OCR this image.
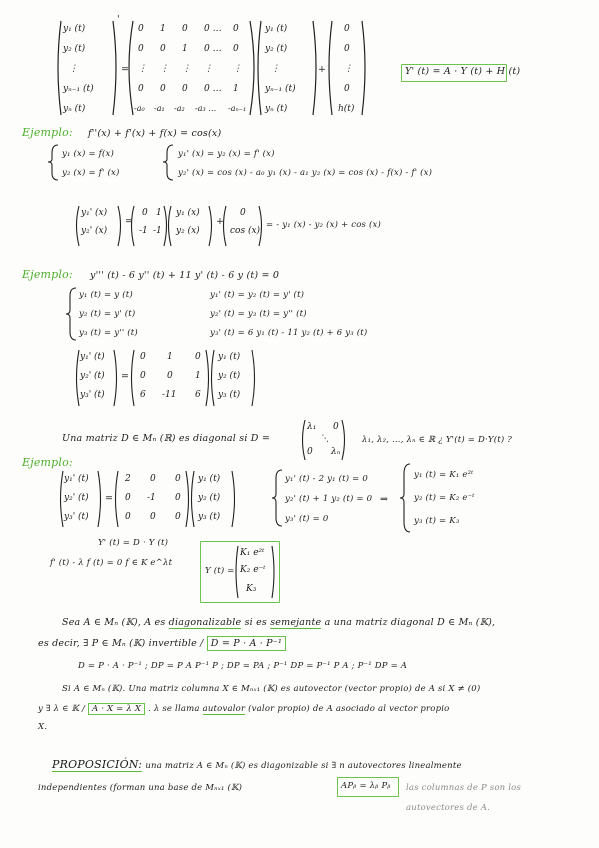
y₁ (t)
y₂ (t)
⋮
yₙ₋₁ (t)
yₙ (t)
'
=
0 1 0 0 … 0
0 0 1 0 … 0
⋮ ⋮ ⋮ ⋮ ⋮
0 0 0 0 … 1
-a₀ -a₁ -a₂ -a₃ … -aₙ₋₁
y₁ (t)
y₂ (t)
⋮
yₙ₋₁ (t)
yₙ (t)
+
0
0
⋮
0
h(t)
Y' (t) = A · Y (t) + H (t)
Ejemplo: f''(x) + f'(x) + f(x) = cos(x)
y₁ (x) = f(x)
y₂ (x) = f' (x)
y₁' (x) = y₂ (x) = f' (x)
y₂' (x) = cos (x) - a₀ y₁ (x) - a₁ y₂ (x) = cos (x) - f(x) - f' (x)
y₁' (x)
y₂' (x)
=
0 1
-1 -1
y₁ (x)
y₂ (x)
+
0
cos (x)
= - y₁ (x) - y₂ (x) + cos (x)
Ejemplo: y''' (t) - 6 y'' (t) + 11 y' (t) - 6 y (t) = 0
y₁ (t) = y (t)
y₂ (t) = y' (t)
y₃ (t) = y'' (t)
y₁' (t) = y₂ (t) = y' (t)
y₂' (t) = y₃ (t) = y'' (t)
y₃' (t) = 6 y₁ (t) - 11 y₂ (t) + 6 y₃ (t)
y₁' (t)
y₂' (t)
y₃' (t)
=
0 1 0
0 0 1
6 -11 6
y₁ (t)
y₂ (t)
y₃ (t)
Una matriz D ∈ Mₙ (ℝ) es diagonal si D =
λ₁ 0
⋱
0 λₙ
λ₁, λ₂, …, λₙ ∈ ℝ ¿ Y'(t) = D·Y(t) ?
Ejemplo:
y₁' (t)
y₂' (t)
y₃' (t)
=
2 0 0
0 -1 0
0 0 0
y₁ (t)
y₂ (t)
y₃ (t)
y₁' (t) - 2 y₁ (t) = 0
y₂' (t) + 1 y₂ (t) = 0
y₃' (t) = 0
⇒
y₁ (t) = K₁ e²ᵗ
y₂ (t) = K₂ e⁻ᵗ
y₃ (t) = K₃
Y' (t) = D · Y (t)
f' (t) - λ f (t) = 0 f ∈ K e^λt
Y (t) =
K₁ e²ᵗ
K₂ e⁻ᵗ
K₃
Sea A ∈ Mₙ (𝕂), A es diagonalizable si es semejante a una matriz diagonal D ∈ Mₙ (𝕂),
es decir, ∃ P ∈ Mₙ (𝕂) invertible / D = P · A · P⁻¹
D = P · A · P⁻¹ ; DP = P A P⁻¹ P ; DP = PA ; P⁻¹ DP = P⁻¹ P A ; P⁻¹ DP = A
Si A ∈ Mₙ (𝕂). Una matriz columna X ∈ Mₙₓ₁ (𝕂) es autovector (vector propio) de A si X ≠ (0)
y ∃ λ ∈ 𝕂 / A · X = λ X . λ se llama autovalor (valor propio) de A asociado al vector propio
X.
PROPOSICIÓN: una matriz A ∈ Mₙ (𝕂) es diagonizable si ∃ n autovectores linealmente
independientes (forman una base de Mₙₓ₁ (𝕂)	APᵦ = λᵦ Pᵦ las columnas de P son los
autovectores de A.
